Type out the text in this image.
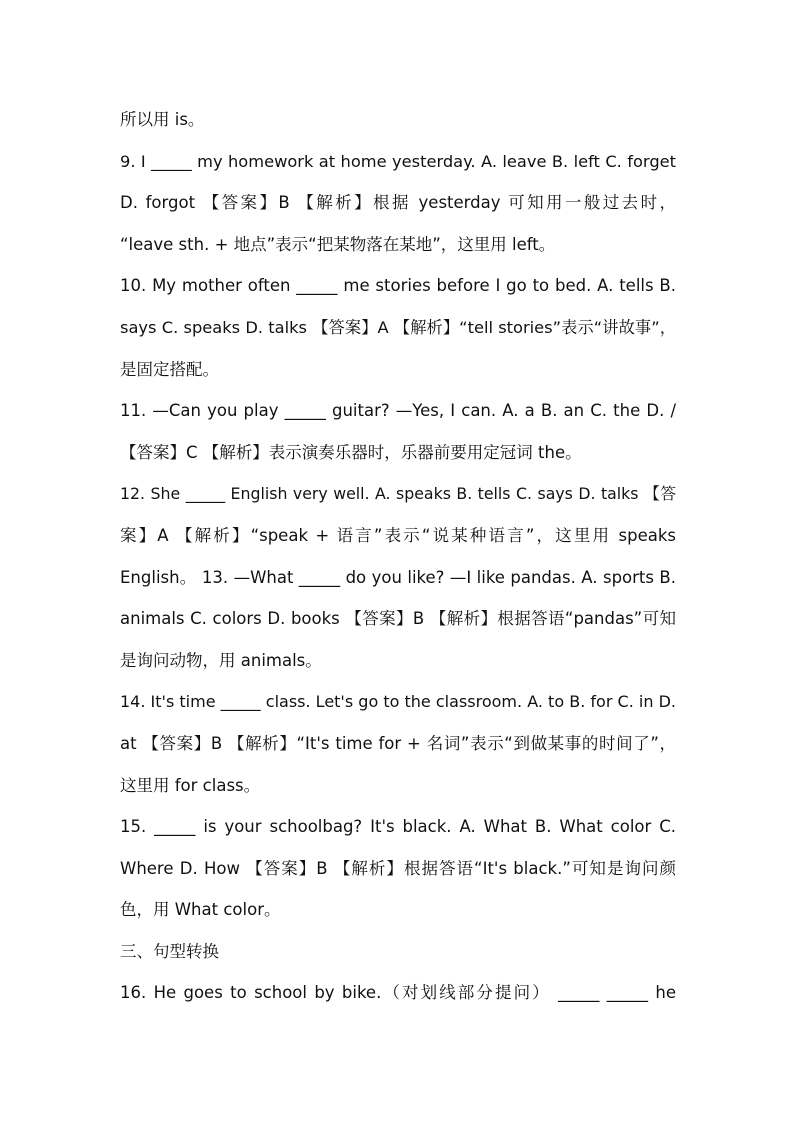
所以用 is。
9. I _____ my homework at home yesterday. A. leave B. left C. forget
D. forgot 【答案】B 【解析】根据 yesterday 可知用一般过去时，
“leave sth. + 地点”表示“把某物落在某地”，这里用 left。
10. My mother often _____ me stories before I go to bed. A. tells B.
says C. speaks D. talks 【答案】A 【解析】“tell stories”表示“讲故事”，
是固定搭配。
11. —Can you play _____ guitar? —Yes, I can. A. a B. an C. the D. /
【答案】C 【解析】表示演奏乐器时，乐器前要用定冠词 the。
12. She _____ English very well. A. speaks B. tells C. says D. talks 【答
案】A 【解析】“speak + 语言”表示“说某种语言”，这里用 speaks
English。 13. —What _____ do you like? —I like pandas. A. sports B.
animals C. colors D. books 【答案】B 【解析】根据答语“pandas”可知
是询问动物，用 animals。
14. It's time _____ class. Let's go to the classroom. A. to B. for C. in D.
at 【答案】B 【解析】“It's time for + 名词”表示“到做某事的时间了”，
这里用 for class。
15. _____ is your schoolbag? It's black. A. What B. What color C.
Where D. How 【答案】B 【解析】根据答语“It's black.”可知是询问颜
色，用 What color。
三、句型转换
16. He goes to school by bike.（对划线部分提问） _____ _____ he
